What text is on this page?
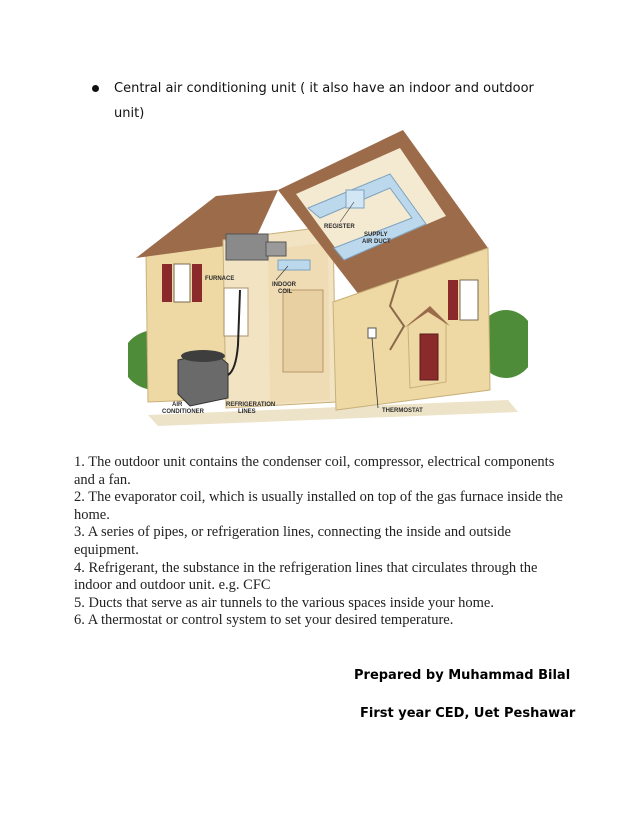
Central air conditioning unit ( it also have an indoor and outdoor unit)
REGISTER
SUPPLY
AIR DUCT
FURNACE
INDOOR
COIL
AIR
CONDITIONER
REFRIGERATION
LINES	THERMOSTAT

1. The outdoor unit contains the condenser coil, compressor, electrical components and a fan.

2. The evaporator coil, which is usually installed on top of the gas furnace inside the home.

3. A series of pipes, or refrigeration lines, connecting the inside and outside equipment.

4. Refrigerant, the substance in the refrigeration lines that circulates through the indoor and outdoor unit. e.g. CFC

5. Ducts that serve as air tunnels to the various spaces inside your home.

6. A thermostat or control system to set your desired temperature.

Prepared by Muhammad Bilal
First year CED, Uet Peshawar
